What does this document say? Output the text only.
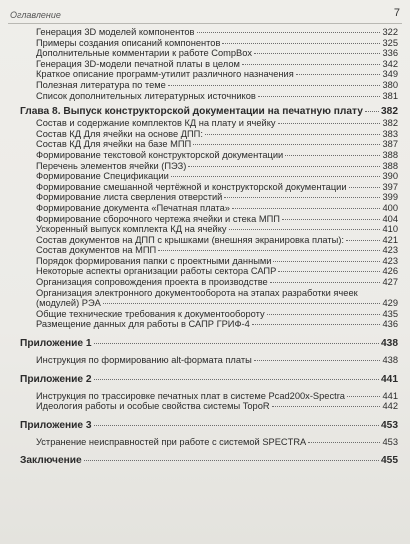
Оглавление	7
Генерация 3D моделей компонентов	322
Примеры создания описаний компонентов	325
Дополнительные комментарии к работе CompBox	336
Генерация 3D-модели печатной платы в целом	342
Краткое описание программ-утилит различного назначения	349
Полезная литература по теме	380
Список дополнительных литературных источников	381
Глава 8. Выпуск конструкторской документации на печатную плату 382
Состав и содержание комплектов КД на плату и ячейку	382
Состав КД Для ячейки на основе ДПП:	383
Состав КД Для ячейки на базе МПП	387
Формирование текстовой конструкторской документации	388
Перечень элементов ячейки (ПЭЗ)	388
Формирование Спецификации	390
Формирование смешанной чертёжной и конструкторской документации	397
Формирование листа сверления отверстий	399
Формирование документа «Печатная плата»	400
Формирование сборочного чертежа ячейки и стека МПП	404
Ускоренный выпуск комплекта КД на ячейку	410
Состав документов на ДПП с крышками (внешняя экранировка платы):	421
Состав документов на МПП	423
Порядок формирования папки с проектными данными	423
Некоторые аспекты организации работы сектора САПР	426
Организация сопровождения проекта в производстве	427
Организация электронного документооборота на этапах разработки ячеек
(модулей) РЭА	429
Общие технические требования к документообороту	435
Размещение данных для работы в САПР ГРИФ-4	436
Приложение 1	438
Инструкция по формированию alt-формата платы	438
Приложение 2	441
Инструкция по трассировке печатных плат в системе Pcad200x-Spectra	441
Идеология работы и особые свойства системы TopoR	442
Приложение 3	453
Устранение неисправностей при работе с системой SPECTRA	453
Заключение	455
